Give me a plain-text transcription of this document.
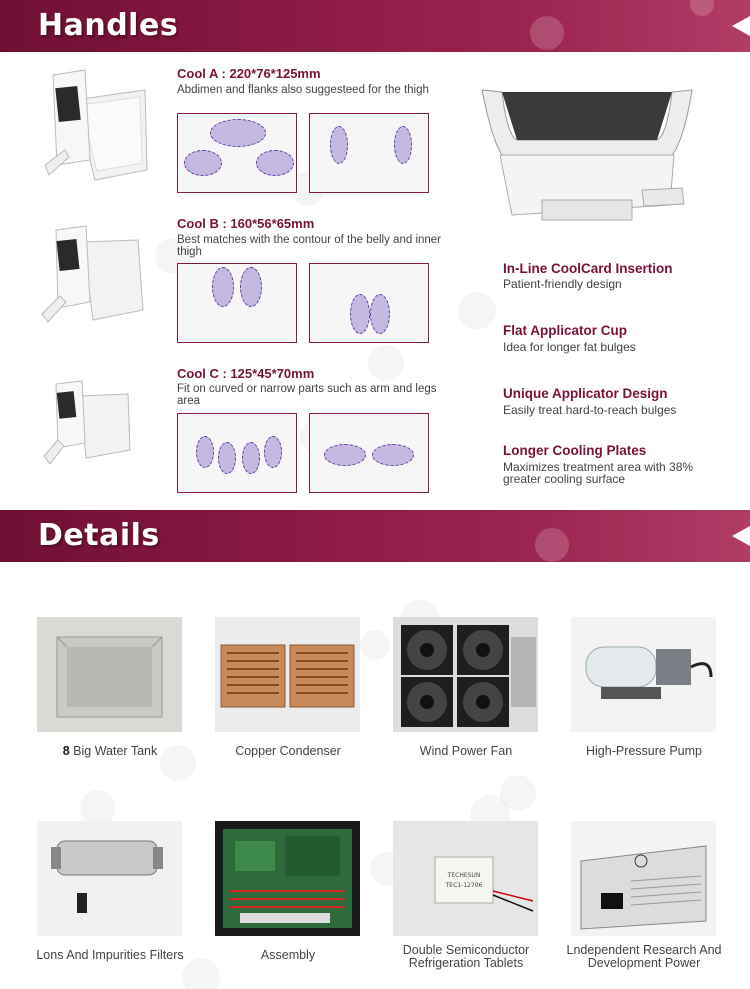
Handles
Cool A : 220*76*125mm
Abdimen and flanks also suggesteed for the thigh
Cool B : 160*56*65mm
Best matches with the contour of the belly and inner thigh
Cool C : 125*45*70mm
Fit on curved or narrow parts such as arm and legs area
In-Line CoolCard Insertion
Patient-friendly design
Flat Applicator Cup
Idea for longer fat bulges
Unique Applicator Design
Easily treat hard-to-reach bulges
Longer Cooling Plates
Maximizes treatment area with 38% greater cooling surface
Details
8 Big Water Tank	Copper Condenser	Wind Power Fan	High-Pressure Pump
TECHESUN
TEC1-12706
Lons And Impurities Filters	Assembly	Double Semiconductor Refrigeration Tablets
Lndependent Research And Development Power
